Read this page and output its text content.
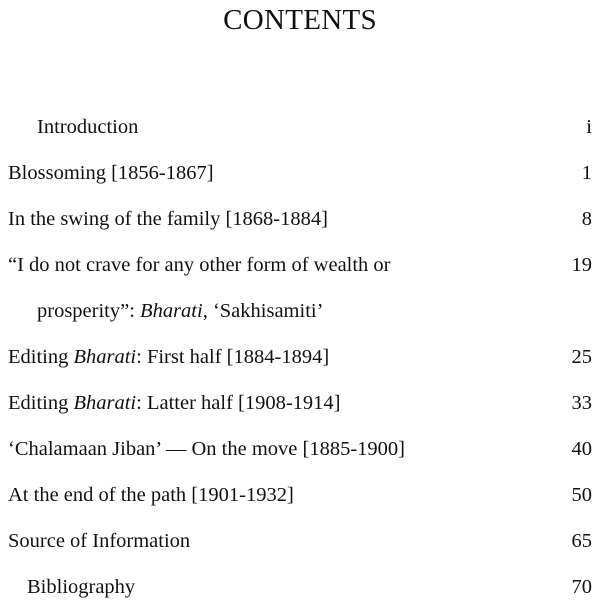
CONTENTS
Introduction	i
Blossoming [1856-1867]	1
In the swing of the family [1868-1884]	8
“I do not crave for any other form of wealth or	19
prosperity”: Bharati, ‘Sakhisamiti’
Editing Bharati: First half [1884-1894]	25
Editing Bharati: Latter half [1908-1914]	33
‘Chalamaan Jiban’ — On the move [1885-1900]	40
At the end of the path [1901-1932]	50
Source of Information	65
Bibliography	70
